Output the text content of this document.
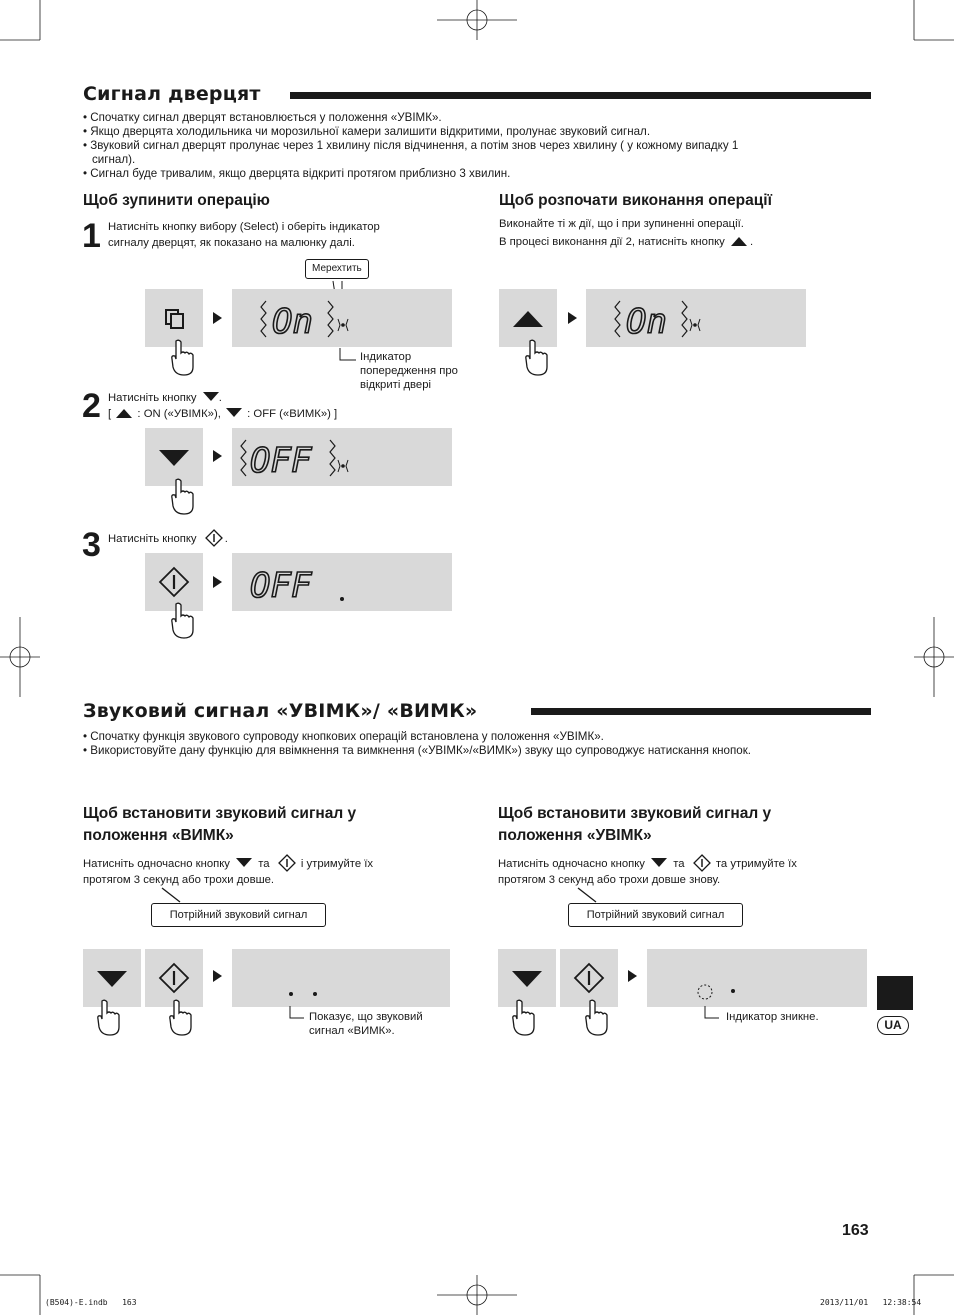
Сигнал дверцят
• Спочатку сигнал дверцят встановлюється у положення «УВІМК».
• Якщо дверцята холодильника чи морозильної камери залишити відкритими, пролунає звуковий сигнал.
• Звуковий сигнал дверцят пролунає через 1 хвилину після відчинення, а потім знов через хвилину ( у кожному випадку 1
сигнал).
• Сигнал буде тривалим, якщо дверцята відкриті протягом приблизно 3 хвилин.
Щоб зупинити операцію	Щоб розпочати виконання операції
1 Натисніть кнопку вибору (Select) і оберіть індикатор
сигналу дверцят, як показано на малюнку далі.
Виконайте ті ж дії, що і при зупиненні операції.
В процесі виконання дії 2, натисніть кнопку .
Мерехтить
On
Індикатор
попередження про
відкриті двері
On
2 Натисніть кнопку .
[ : ON («УВІМК»), : OFF («ВИМК») ]
OFF
3 Натисніть кнопку .
OFF
Звуковий сигнал «УВІМК»/ «ВИМК»
• Спочатку функція звукового супроводу кнопкових операцій встановлена у положення «УВІМК».
• Використовуйте дану функцію для ввімкнення та вимкнення («УВІМК»/«ВИМК») звуку що супроводжує натискання кнопок.
Щоб встановити звуковий сигнал у
положення «ВИМК»
Натисніть одночасно кнопку	та	і утримуйте їх
протягом 3 секунд або трохи довше.
Потрійний звуковий сигнал
Показує, що звуковий
сигнал «ВИМК».
Щоб встановити звуковий сигнал у
положення «УВІМК»
Натисніть одночасно кнопку	та	та утримуйте їх
протягом 3 секунд або трохи довше знову.
Потрійний звуковий сигнал
Індикатор зникне.
UA
163
(B504)-E.indb   163	2013/11/01   12:38:54
